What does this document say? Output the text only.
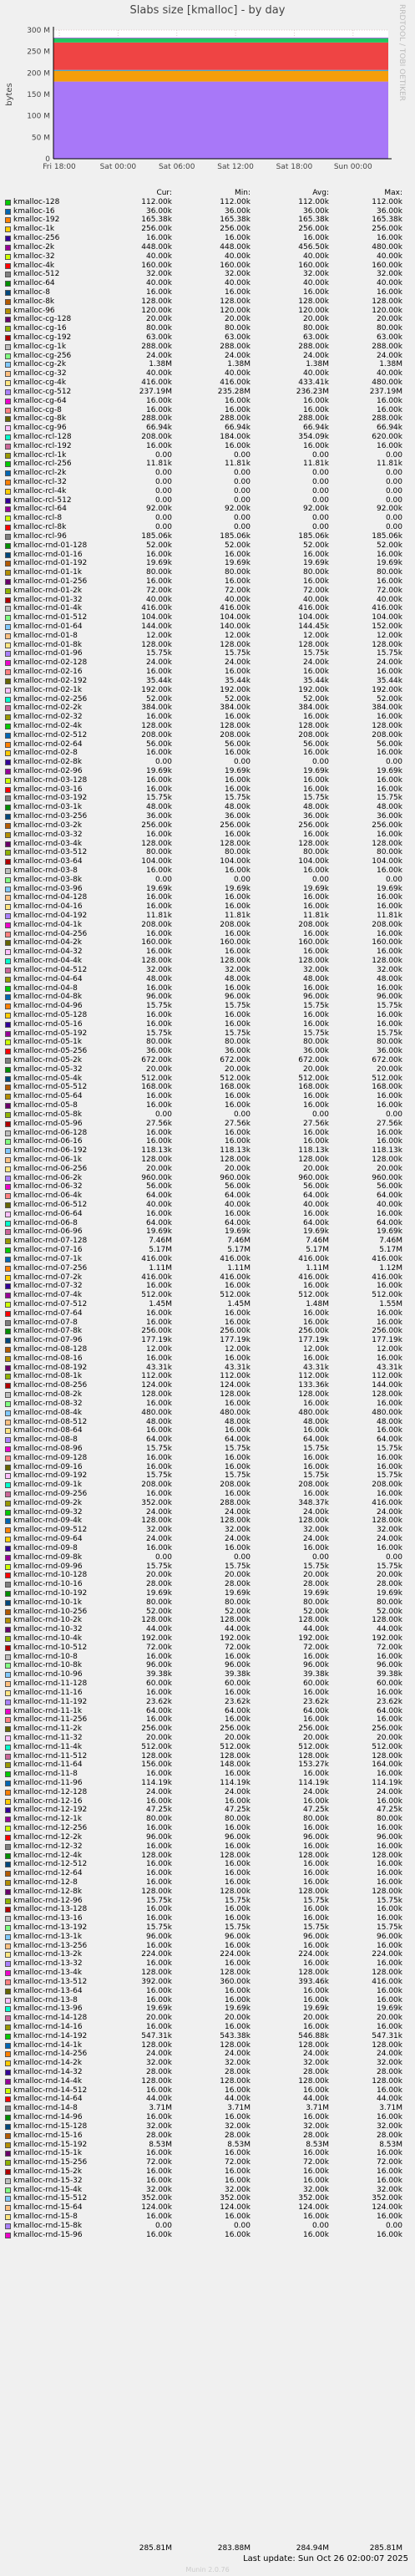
Slabs size [kmalloc] - by day	RRDTOOL / TOBI OETIKER
0
50 M
100 M
150 M
200 M
250 M
300 M
Fri 18:00	Sat 00:00	Sat 06:00	Sat 12:00	Sat 18:00	Sun 00:00
bytes
Cur:	Min:	Avg:	Max:
kmalloc-128	112.00k	112.00k	112.00k	112.00k
kmalloc-16	36.00k	36.00k	36.00k	36.00k
kmalloc-192	165.38k	165.38k	165.38k	165.38k
kmalloc-1k	256.00k	256.00k	256.00k	256.00k
kmalloc-256	16.00k	16.00k	16.00k	16.00k
kmalloc-2k	448.00k	448.00k	456.50k	480.00k
kmalloc-32	40.00k	40.00k	40.00k	40.00k
kmalloc-4k	160.00k	160.00k	160.00k	160.00k
kmalloc-512	32.00k	32.00k	32.00k	32.00k
kmalloc-64	40.00k	40.00k	40.00k	40.00k
kmalloc-8	16.00k	16.00k	16.00k	16.00k
kmalloc-8k	128.00k	128.00k	128.00k	128.00k
kmalloc-96	120.00k	120.00k	120.00k	120.00k
kmalloc-cg-128	20.00k	20.00k	20.00k	20.00k
kmalloc-cg-16	80.00k	80.00k	80.00k	80.00k
kmalloc-cg-192	63.00k	63.00k	63.00k	63.00k
kmalloc-cg-1k	288.00k	288.00k	288.00k	288.00k
kmalloc-cg-256	24.00k	24.00k	24.00k	24.00k
kmalloc-cg-2k	1.38M	1.38M	1.38M	1.38M
kmalloc-cg-32	40.00k	40.00k	40.00k	40.00k
kmalloc-cg-4k	416.00k	416.00k	433.41k	480.00k
kmalloc-cg-512	237.19M	235.28M	236.23M	237.19M
kmalloc-cg-64	16.00k	16.00k	16.00k	16.00k
kmalloc-cg-8	16.00k	16.00k	16.00k	16.00k
kmalloc-cg-8k	288.00k	288.00k	288.00k	288.00k
kmalloc-cg-96	66.94k	66.94k	66.94k	66.94k
kmalloc-rcl-128	208.00k	184.00k	354.09k	620.00k
kmalloc-rcl-192	16.00k	16.00k	16.00k	16.00k
kmalloc-rcl-1k	0.00	0.00	0.00	0.00
kmalloc-rcl-256	11.81k	11.81k	11.81k	11.81k
kmalloc-rcl-2k	0.00	0.00	0.00	0.00
kmalloc-rcl-32	0.00	0.00	0.00	0.00
kmalloc-rcl-4k	0.00	0.00	0.00	0.00
kmalloc-rcl-512	0.00	0.00	0.00	0.00
kmalloc-rcl-64	92.00k	92.00k	92.00k	92.00k
kmalloc-rcl-8	0.00	0.00	0.00	0.00
kmalloc-rcl-8k	0.00	0.00	0.00	0.00
kmalloc-rcl-96	185.06k	185.06k	185.06k	185.06k
kmalloc-rnd-01-128	52.00k	52.00k	52.00k	52.00k
kmalloc-rnd-01-16	16.00k	16.00k	16.00k	16.00k
kmalloc-rnd-01-192	19.69k	19.69k	19.69k	19.69k
kmalloc-rnd-01-1k	80.00k	80.00k	80.00k	80.00k
kmalloc-rnd-01-256	16.00k	16.00k	16.00k	16.00k
kmalloc-rnd-01-2k	72.00k	72.00k	72.00k	72.00k
kmalloc-rnd-01-32	40.00k	40.00k	40.00k	40.00k
kmalloc-rnd-01-4k	416.00k	416.00k	416.00k	416.00k
kmalloc-rnd-01-512	104.00k	104.00k	104.00k	104.00k
kmalloc-rnd-01-64	144.00k	140.00k	144.45k	152.00k
kmalloc-rnd-01-8	12.00k	12.00k	12.00k	12.00k
kmalloc-rnd-01-8k	128.00k	128.00k	128.00k	128.00k
kmalloc-rnd-01-96	15.75k	15.75k	15.75k	15.75k
kmalloc-rnd-02-128	24.00k	24.00k	24.00k	24.00k
kmalloc-rnd-02-16	16.00k	16.00k	16.00k	16.00k
kmalloc-rnd-02-192	35.44k	35.44k	35.44k	35.44k
kmalloc-rnd-02-1k	192.00k	192.00k	192.00k	192.00k
kmalloc-rnd-02-256	52.00k	52.00k	52.00k	52.00k
kmalloc-rnd-02-2k	384.00k	384.00k	384.00k	384.00k
kmalloc-rnd-02-32	16.00k	16.00k	16.00k	16.00k
kmalloc-rnd-02-4k	128.00k	128.00k	128.00k	128.00k
kmalloc-rnd-02-512	208.00k	208.00k	208.00k	208.00k
kmalloc-rnd-02-64	56.00k	56.00k	56.00k	56.00k
kmalloc-rnd-02-8	16.00k	16.00k	16.00k	16.00k
kmalloc-rnd-02-8k	0.00	0.00	0.00	0.00
kmalloc-rnd-02-96	19.69k	19.69k	19.69k	19.69k
kmalloc-rnd-03-128	16.00k	16.00k	16.00k	16.00k
kmalloc-rnd-03-16	16.00k	16.00k	16.00k	16.00k
kmalloc-rnd-03-192	15.75k	15.75k	15.75k	15.75k
kmalloc-rnd-03-1k	48.00k	48.00k	48.00k	48.00k
kmalloc-rnd-03-256	36.00k	36.00k	36.00k	36.00k
kmalloc-rnd-03-2k	256.00k	256.00k	256.00k	256.00k
kmalloc-rnd-03-32	16.00k	16.00k	16.00k	16.00k
kmalloc-rnd-03-4k	128.00k	128.00k	128.00k	128.00k
kmalloc-rnd-03-512	80.00k	80.00k	80.00k	80.00k
kmalloc-rnd-03-64	104.00k	104.00k	104.00k	104.00k
kmalloc-rnd-03-8	16.00k	16.00k	16.00k	16.00k
kmalloc-rnd-03-8k	0.00	0.00	0.00	0.00
kmalloc-rnd-03-96	19.69k	19.69k	19.69k	19.69k
kmalloc-rnd-04-128	16.00k	16.00k	16.00k	16.00k
kmalloc-rnd-04-16	16.00k	16.00k	16.00k	16.00k
kmalloc-rnd-04-192	11.81k	11.81k	11.81k	11.81k
kmalloc-rnd-04-1k	208.00k	208.00k	208.00k	208.00k
kmalloc-rnd-04-256	16.00k	16.00k	16.00k	16.00k
kmalloc-rnd-04-2k	160.00k	160.00k	160.00k	160.00k
kmalloc-rnd-04-32	16.00k	16.00k	16.00k	16.00k
kmalloc-rnd-04-4k	128.00k	128.00k	128.00k	128.00k
kmalloc-rnd-04-512	32.00k	32.00k	32.00k	32.00k
kmalloc-rnd-04-64	48.00k	48.00k	48.00k	48.00k
kmalloc-rnd-04-8	16.00k	16.00k	16.00k	16.00k
kmalloc-rnd-04-8k	96.00k	96.00k	96.00k	96.00k
kmalloc-rnd-04-96	15.75k	15.75k	15.75k	15.75k
kmalloc-rnd-05-128	16.00k	16.00k	16.00k	16.00k
kmalloc-rnd-05-16	16.00k	16.00k	16.00k	16.00k
kmalloc-rnd-05-192	15.75k	15.75k	15.75k	15.75k
kmalloc-rnd-05-1k	80.00k	80.00k	80.00k	80.00k
kmalloc-rnd-05-256	36.00k	36.00k	36.00k	36.00k
kmalloc-rnd-05-2k	672.00k	672.00k	672.00k	672.00k
kmalloc-rnd-05-32	20.00k	20.00k	20.00k	20.00k
kmalloc-rnd-05-4k	512.00k	512.00k	512.00k	512.00k
kmalloc-rnd-05-512	168.00k	168.00k	168.00k	168.00k
kmalloc-rnd-05-64	16.00k	16.00k	16.00k	16.00k
kmalloc-rnd-05-8	16.00k	16.00k	16.00k	16.00k
kmalloc-rnd-05-8k	0.00	0.00	0.00	0.00
kmalloc-rnd-05-96	27.56k	27.56k	27.56k	27.56k
kmalloc-rnd-06-128	16.00k	16.00k	16.00k	16.00k
kmalloc-rnd-06-16	16.00k	16.00k	16.00k	16.00k
kmalloc-rnd-06-192	118.13k	118.13k	118.13k	118.13k
kmalloc-rnd-06-1k	128.00k	128.00k	128.00k	128.00k
kmalloc-rnd-06-256	20.00k	20.00k	20.00k	20.00k
kmalloc-rnd-06-2k	960.00k	960.00k	960.00k	960.00k
kmalloc-rnd-06-32	56.00k	56.00k	56.00k	56.00k
kmalloc-rnd-06-4k	64.00k	64.00k	64.00k	64.00k
kmalloc-rnd-06-512	40.00k	40.00k	40.00k	40.00k
kmalloc-rnd-06-64	16.00k	16.00k	16.00k	16.00k
kmalloc-rnd-06-8	64.00k	64.00k	64.00k	64.00k
kmalloc-rnd-06-96	19.69k	19.69k	19.69k	19.69k
kmalloc-rnd-07-128	7.46M	7.46M	7.46M	7.46M
kmalloc-rnd-07-16	5.17M	5.17M	5.17M	5.17M
kmalloc-rnd-07-1k	416.00k	416.00k	416.00k	416.00k
kmalloc-rnd-07-256	1.11M	1.11M	1.11M	1.12M
kmalloc-rnd-07-2k	416.00k	416.00k	416.00k	416.00k
kmalloc-rnd-07-32	16.00k	16.00k	16.00k	16.00k
kmalloc-rnd-07-4k	512.00k	512.00k	512.00k	512.00k
kmalloc-rnd-07-512	1.45M	1.45M	1.48M	1.55M
kmalloc-rnd-07-64	16.00k	16.00k	16.00k	16.00k
kmalloc-rnd-07-8	16.00k	16.00k	16.00k	16.00k
kmalloc-rnd-07-8k	256.00k	256.00k	256.00k	256.00k
kmalloc-rnd-07-96	177.19k	177.19k	177.19k	177.19k
kmalloc-rnd-08-128	12.00k	12.00k	12.00k	12.00k
kmalloc-rnd-08-16	16.00k	16.00k	16.00k	16.00k
kmalloc-rnd-08-192	43.31k	43.31k	43.31k	43.31k
kmalloc-rnd-08-1k	112.00k	112.00k	112.00k	112.00k
kmalloc-rnd-08-256	124.00k	124.00k	133.36k	144.00k
kmalloc-rnd-08-2k	128.00k	128.00k	128.00k	128.00k
kmalloc-rnd-08-32	16.00k	16.00k	16.00k	16.00k
kmalloc-rnd-08-4k	480.00k	480.00k	480.00k	480.00k
kmalloc-rnd-08-512	48.00k	48.00k	48.00k	48.00k
kmalloc-rnd-08-64	16.00k	16.00k	16.00k	16.00k
kmalloc-rnd-08-8	64.00k	64.00k	64.00k	64.00k
kmalloc-rnd-08-96	15.75k	15.75k	15.75k	15.75k
kmalloc-rnd-09-128	16.00k	16.00k	16.00k	16.00k
kmalloc-rnd-09-16	16.00k	16.00k	16.00k	16.00k
kmalloc-rnd-09-192	15.75k	15.75k	15.75k	15.75k
kmalloc-rnd-09-1k	208.00k	208.00k	208.00k	208.00k
kmalloc-rnd-09-256	16.00k	16.00k	16.00k	16.00k
kmalloc-rnd-09-2k	352.00k	288.00k	348.37k	416.00k
kmalloc-rnd-09-32	24.00k	24.00k	24.00k	24.00k
kmalloc-rnd-09-4k	128.00k	128.00k	128.00k	128.00k
kmalloc-rnd-09-512	32.00k	32.00k	32.00k	32.00k
kmalloc-rnd-09-64	24.00k	24.00k	24.00k	24.00k
kmalloc-rnd-09-8	16.00k	16.00k	16.00k	16.00k
kmalloc-rnd-09-8k	0.00	0.00	0.00	0.00
kmalloc-rnd-09-96	15.75k	15.75k	15.75k	15.75k
kmalloc-rnd-10-128	20.00k	20.00k	20.00k	20.00k
kmalloc-rnd-10-16	28.00k	28.00k	28.00k	28.00k
kmalloc-rnd-10-192	19.69k	19.69k	19.69k	19.69k
kmalloc-rnd-10-1k	80.00k	80.00k	80.00k	80.00k
kmalloc-rnd-10-256	52.00k	52.00k	52.00k	52.00k
kmalloc-rnd-10-2k	128.00k	128.00k	128.00k	128.00k
kmalloc-rnd-10-32	44.00k	44.00k	44.00k	44.00k
kmalloc-rnd-10-4k	192.00k	192.00k	192.00k	192.00k
kmalloc-rnd-10-512	72.00k	72.00k	72.00k	72.00k
kmalloc-rnd-10-8	16.00k	16.00k	16.00k	16.00k
kmalloc-rnd-10-8k	96.00k	96.00k	96.00k	96.00k
kmalloc-rnd-10-96	39.38k	39.38k	39.38k	39.38k
kmalloc-rnd-11-128	60.00k	60.00k	60.00k	60.00k
kmalloc-rnd-11-16	16.00k	16.00k	16.00k	16.00k
kmalloc-rnd-11-192	23.62k	23.62k	23.62k	23.62k
kmalloc-rnd-11-1k	64.00k	64.00k	64.00k	64.00k
kmalloc-rnd-11-256	16.00k	16.00k	16.00k	16.00k
kmalloc-rnd-11-2k	256.00k	256.00k	256.00k	256.00k
kmalloc-rnd-11-32	20.00k	20.00k	20.00k	20.00k
kmalloc-rnd-11-4k	512.00k	512.00k	512.00k	512.00k
kmalloc-rnd-11-512	128.00k	128.00k	128.00k	128.00k
kmalloc-rnd-11-64	156.00k	148.00k	153.27k	164.00k
kmalloc-rnd-11-8	16.00k	16.00k	16.00k	16.00k
kmalloc-rnd-11-96	114.19k	114.19k	114.19k	114.19k
kmalloc-rnd-12-128	24.00k	24.00k	24.00k	24.00k
kmalloc-rnd-12-16	16.00k	16.00k	16.00k	16.00k
kmalloc-rnd-12-192	47.25k	47.25k	47.25k	47.25k
kmalloc-rnd-12-1k	80.00k	80.00k	80.00k	80.00k
kmalloc-rnd-12-256	16.00k	16.00k	16.00k	16.00k
kmalloc-rnd-12-2k	96.00k	96.00k	96.00k	96.00k
kmalloc-rnd-12-32	16.00k	16.00k	16.00k	16.00k
kmalloc-rnd-12-4k	128.00k	128.00k	128.00k	128.00k
kmalloc-rnd-12-512	16.00k	16.00k	16.00k	16.00k
kmalloc-rnd-12-64	16.00k	16.00k	16.00k	16.00k
kmalloc-rnd-12-8	16.00k	16.00k	16.00k	16.00k
kmalloc-rnd-12-8k	128.00k	128.00k	128.00k	128.00k
kmalloc-rnd-12-96	15.75k	15.75k	15.75k	15.75k
kmalloc-rnd-13-128	16.00k	16.00k	16.00k	16.00k
kmalloc-rnd-13-16	16.00k	16.00k	16.00k	16.00k
kmalloc-rnd-13-192	15.75k	15.75k	15.75k	15.75k
kmalloc-rnd-13-1k	96.00k	96.00k	96.00k	96.00k
kmalloc-rnd-13-256	16.00k	16.00k	16.00k	16.00k
kmalloc-rnd-13-2k	224.00k	224.00k	224.00k	224.00k
kmalloc-rnd-13-32	16.00k	16.00k	16.00k	16.00k
kmalloc-rnd-13-4k	128.00k	128.00k	128.00k	128.00k
kmalloc-rnd-13-512	392.00k	360.00k	393.46k	416.00k
kmalloc-rnd-13-64	16.00k	16.00k	16.00k	16.00k
kmalloc-rnd-13-8	16.00k	16.00k	16.00k	16.00k
kmalloc-rnd-13-96	19.69k	19.69k	19.69k	19.69k
kmalloc-rnd-14-128	20.00k	20.00k	20.00k	20.00k
kmalloc-rnd-14-16	16.00k	16.00k	16.00k	16.00k
kmalloc-rnd-14-192	547.31k	543.38k	546.88k	547.31k
kmalloc-rnd-14-1k	128.00k	128.00k	128.00k	128.00k
kmalloc-rnd-14-256	24.00k	24.00k	24.00k	24.00k
kmalloc-rnd-14-2k	32.00k	32.00k	32.00k	32.00k
kmalloc-rnd-14-32	28.00k	28.00k	28.00k	28.00k
kmalloc-rnd-14-4k	128.00k	128.00k	128.00k	128.00k
kmalloc-rnd-14-512	16.00k	16.00k	16.00k	16.00k
kmalloc-rnd-14-64	44.00k	44.00k	44.00k	44.00k
kmalloc-rnd-14-8	3.71M	3.71M	3.71M	3.71M
kmalloc-rnd-14-96	16.00k	16.00k	16.00k	16.00k
kmalloc-rnd-15-128	32.00k	32.00k	32.00k	32.00k
kmalloc-rnd-15-16	28.00k	28.00k	28.00k	28.00k
kmalloc-rnd-15-192	8.53M	8.53M	8.53M	8.53M
kmalloc-rnd-15-1k	16.00k	16.00k	16.00k	16.00k
kmalloc-rnd-15-256	72.00k	72.00k	72.00k	72.00k
kmalloc-rnd-15-2k	16.00k	16.00k	16.00k	16.00k
kmalloc-rnd-15-32	16.00k	16.00k	16.00k	16.00k
kmalloc-rnd-15-4k	32.00k	32.00k	32.00k	32.00k
kmalloc-rnd-15-512	352.00k	352.00k	352.00k	352.00k
kmalloc-rnd-15-64	124.00k	124.00k	124.00k	124.00k
kmalloc-rnd-15-8	16.00k	16.00k	16.00k	16.00k
kmalloc-rnd-15-8k	0.00	0.00	0.00	0.00
kmalloc-rnd-15-96	16.00k	16.00k	16.00k	16.00k
285.81M	283.88M	284.94M	285.81M
Last update: Sun Oct 26 02:00:07 2025
Munin 2.0.76
